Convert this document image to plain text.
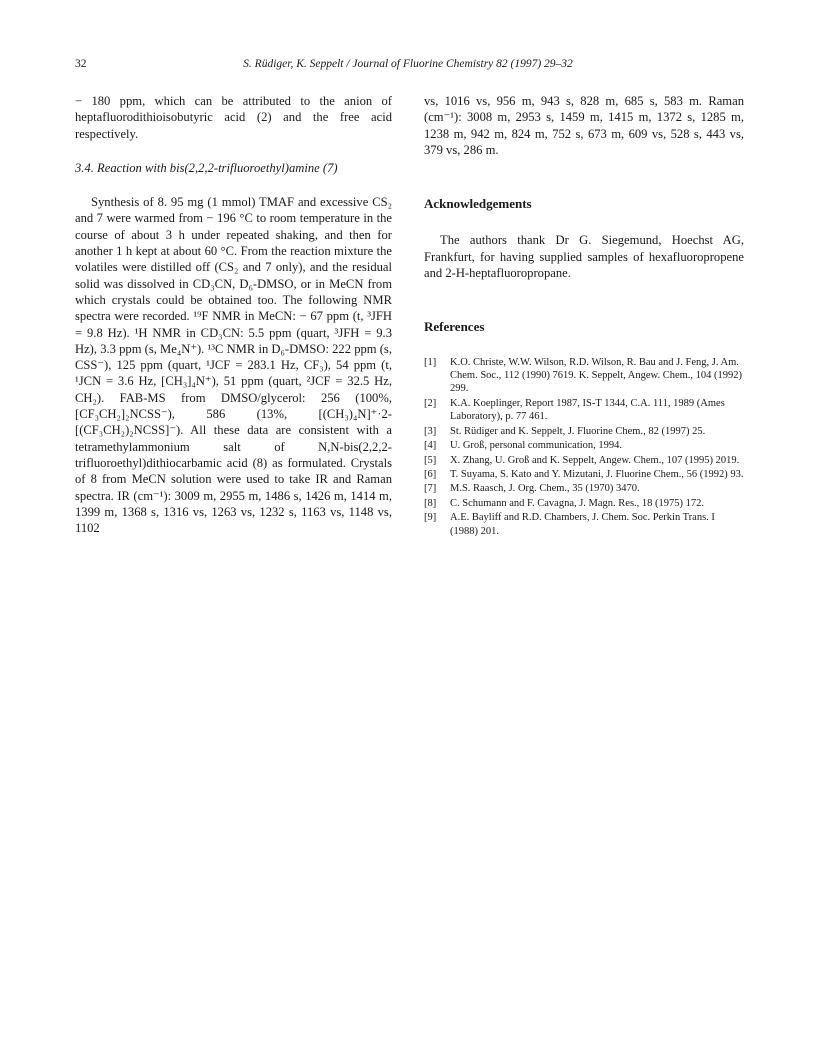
32	S. Rüdiger, K. Seppelt / Journal of Fluorine Chemistry 82 (1997) 29–32

− 180 ppm, which can be attributed to the anion of heptafluorodithioisobutyric acid (2) and the free acid respectively.

3.4. Reaction with bis(2,2,2-trifluoroethyl)amine (7)

Synthesis of 8. 95 mg (1 mmol) TMAF and excessive CS₂ and 7 were warmed from − 196 °C to room temperature in the course of about 3 h under repeated shaking, and then for another 1 h kept at about 60 °C. From the reaction mixture the volatiles were distilled off (CS₂ and 7 only), and the residual solid was dissolved in CD₃CN, D₆-DMSO, or in MeCN from which crystals could be obtained too. The following NMR spectra were recorded. ¹⁹F NMR in MeCN: − 67 ppm (t, ³JFH = 9.8 Hz). ¹H NMR in CD₃CN: 5.5 ppm (quart, ³JFH = 9.3 Hz), 3.3 ppm (s, Me₄N⁺). ¹³C NMR in D₆-DMSO: 222 ppm (s, CSS⁻), 125 ppm (quart, ¹JCF = 283.1 Hz, CF₃), 54 ppm (t, ¹JCN = 3.6 Hz, [CH₃]₄N⁺), 51 ppm (quart, ²JCF = 32.5 Hz, CH₂). FAB-MS from DMSO/glycerol: 256 (100%, [CF₃CH₂]₂NCSS⁻), 586 (13%, [(CH₃)₄N]⁺·2-[(CF₃CH₂)₂NCSS]⁻). All these data are consistent with a tetramethylammonium salt of N,N-bis(2,2,2-trifluoroethyl)dithiocarbamic acid (8) as formulated. Crystals of 8 from MeCN solution were used to take IR and Raman spectra. IR (cm⁻¹): 3009 m, 2955 m, 1486 s, 1426 m, 1414 m, 1399 m, 1368 s, 1316 vs, 1263 vs, 1232 s, 1163 vs, 1148 vs, 1102

vs, 1016 vs, 956 m, 943 s, 828 m, 685 s, 583 m. Raman (cm⁻¹): 3008 m, 2953 s, 1459 m, 1415 m, 1372 s, 1285 m, 1238 m, 942 m, 824 m, 752 s, 673 m, 609 vs, 528 s, 443 vs, 379 vs, 286 m.

Acknowledgements

The authors thank Dr G. Siegemund, Hoechst AG, Frankfurt, for having supplied samples of hexafluoropropene and 2-H-heptafluoropropane.

References
[1] K.O. Christe, W.W. Wilson, R.D. Wilson, R. Bau and J. Feng, J. Am. Chem. Soc., 112 (1990) 7619. K. Seppelt, Angew. Chem., 104 (1992) 299.
[2] K.A. Koeplinger, Report 1987, IS-T 1344, C.A. 111, 1989 (Ames Laboratory), p. 77 461.
[3] St. Rüdiger and K. Seppelt, J. Fluorine Chem., 82 (1997) 25.
[4] U. Groß, personal communication, 1994.
[5] X. Zhang, U. Groß and K. Seppelt, Angew. Chem., 107 (1995) 2019.
[6] T. Suyama, S. Kato and Y. Mizutani, J. Fluorine Chem., 56 (1992) 93.
[7] M.S. Raasch, J. Org. Chem., 35 (1970) 3470.
[8] C. Schumann and F. Cavagna, J. Magn. Res., 18 (1975) 172.
[9] A.E. Bayliff and R.D. Chambers, J. Chem. Soc. Perkin Trans. I (1988) 201.
